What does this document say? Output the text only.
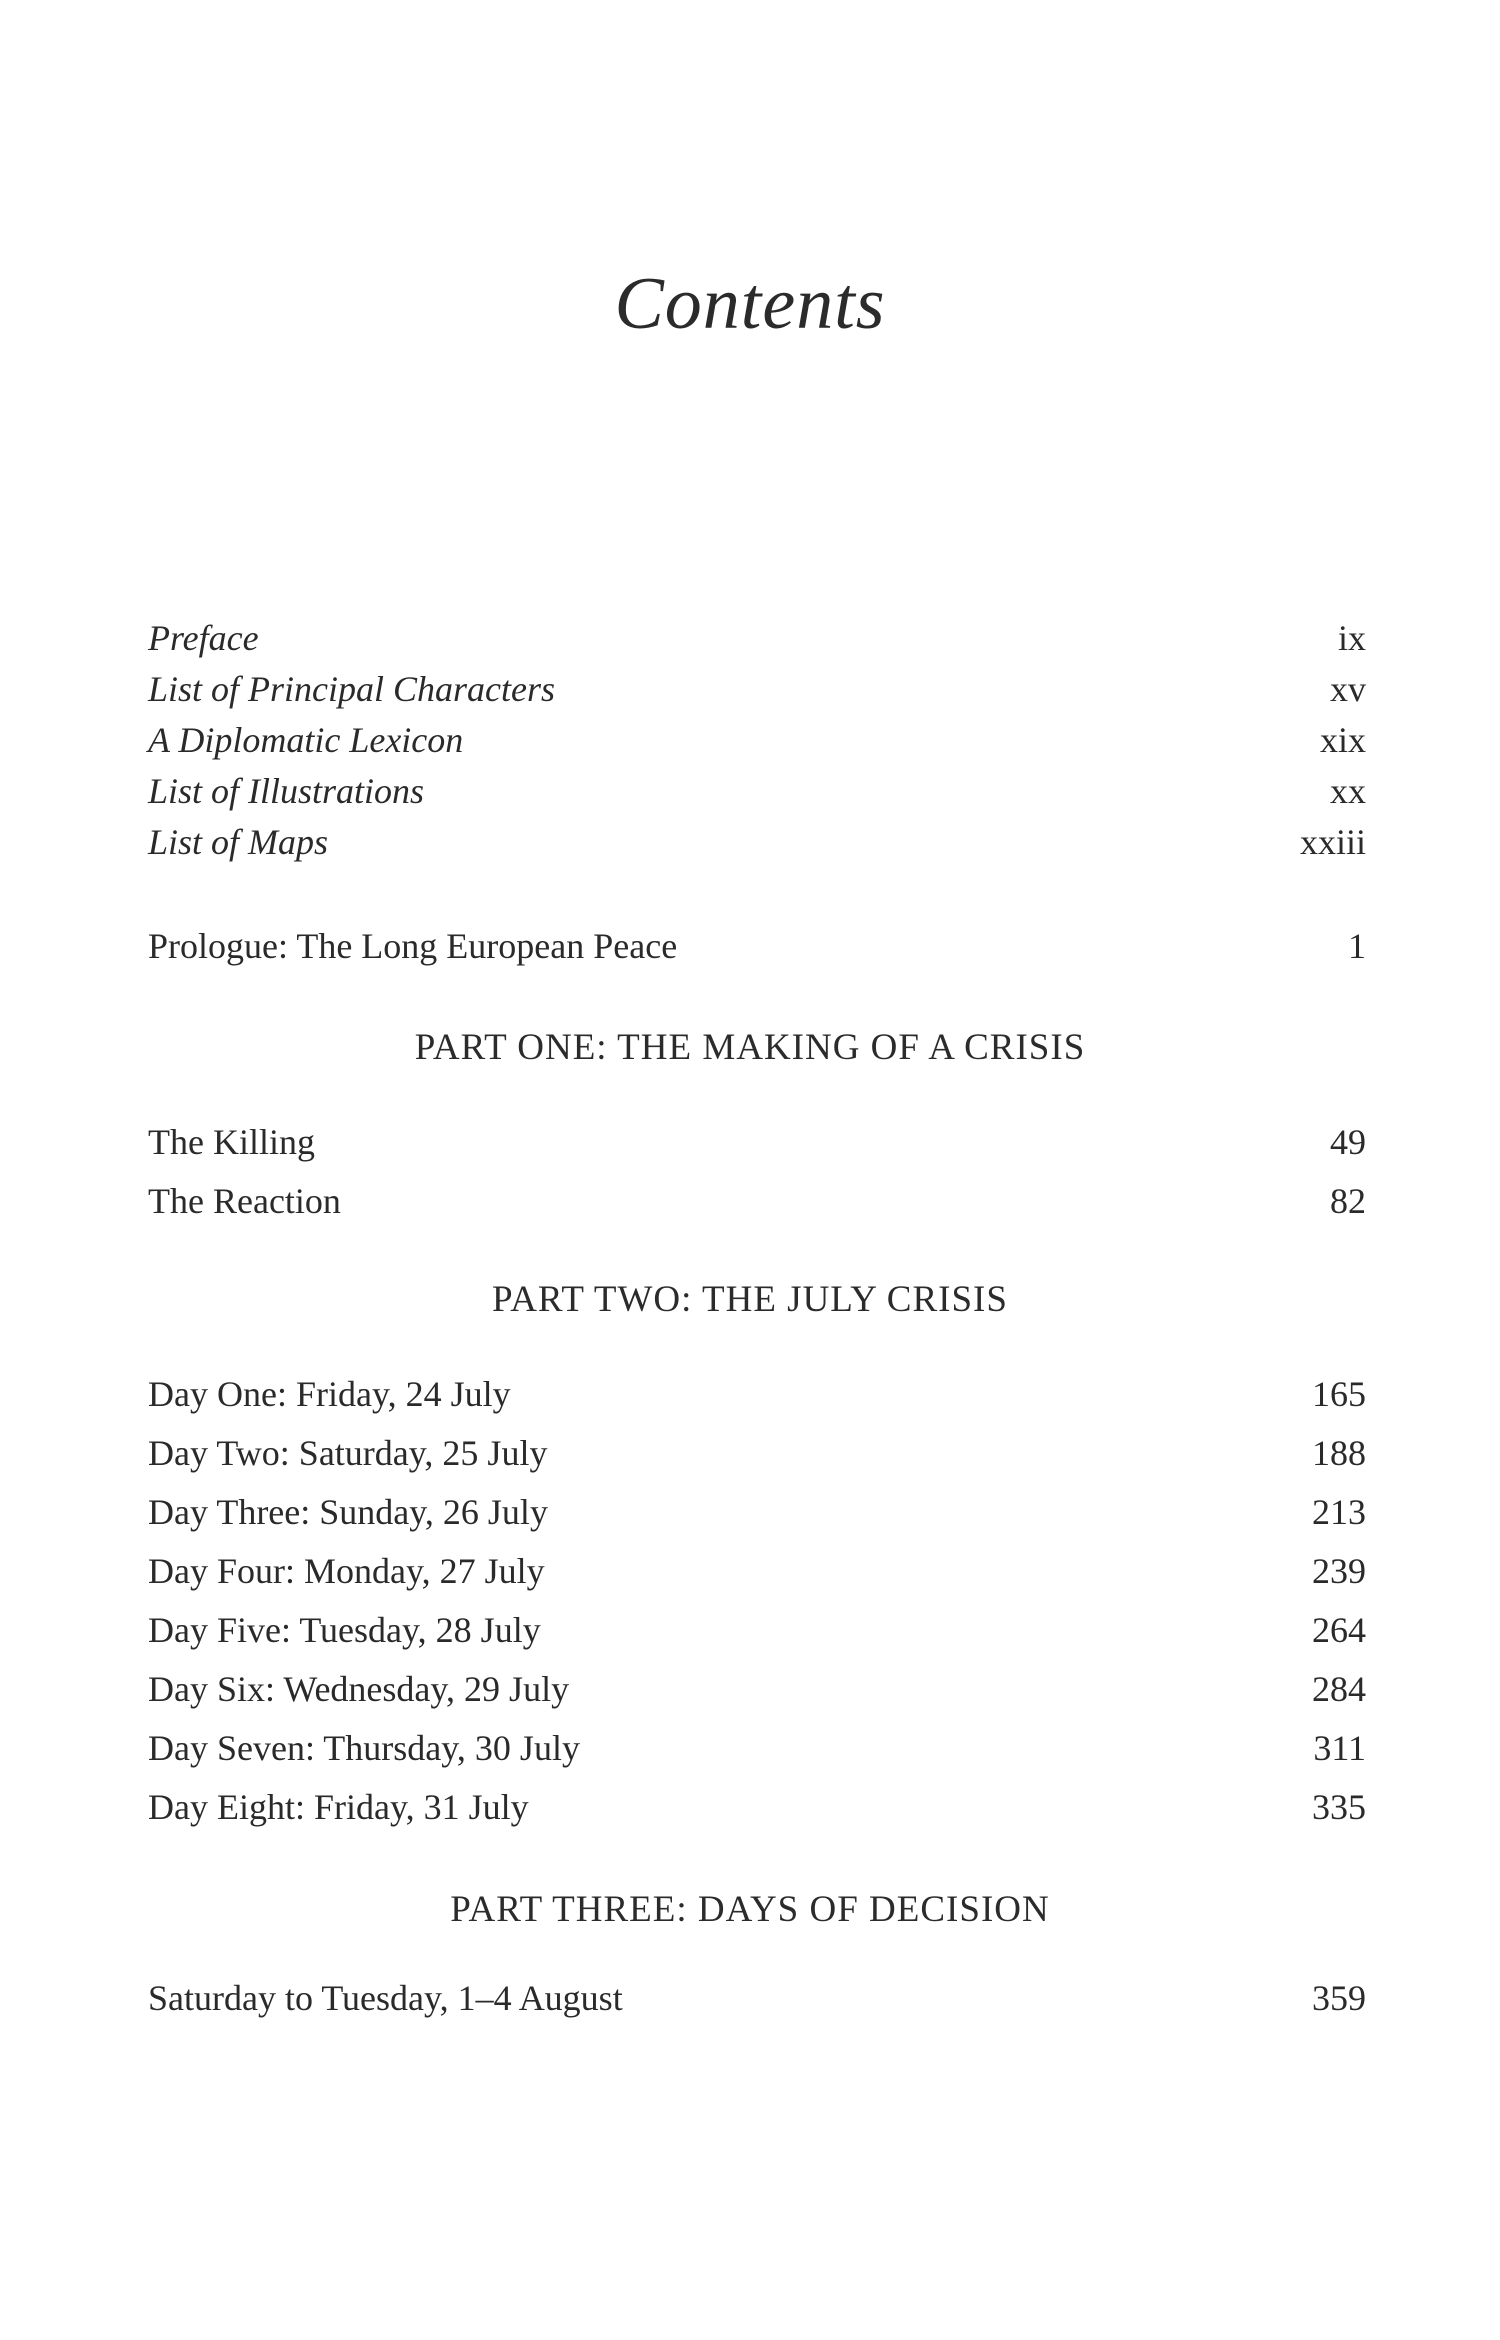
Contents
Preface	ix
List of Principal Characters	xv
A Diplomatic Lexicon	xix
List of Illustrations	xx
List of Maps	xxiii
Prologue: The Long European Peace	1
PART ONE: THE MAKING OF A CRISIS
The Killing	49
The Reaction	82
PART TWO: THE JULY CRISIS
Day One: Friday, 24 July	165
Day Two: Saturday, 25 July	188
Day Three: Sunday, 26 July	213
Day Four: Monday, 27 July	239
Day Five: Tuesday, 28 July	264
Day Six: Wednesday, 29 July	284
Day Seven: Thursday, 30 July	311
Day Eight: Friday, 31 July	335
PART THREE: DAYS OF DECISION
Saturday to Tuesday, 1–4 August	359
